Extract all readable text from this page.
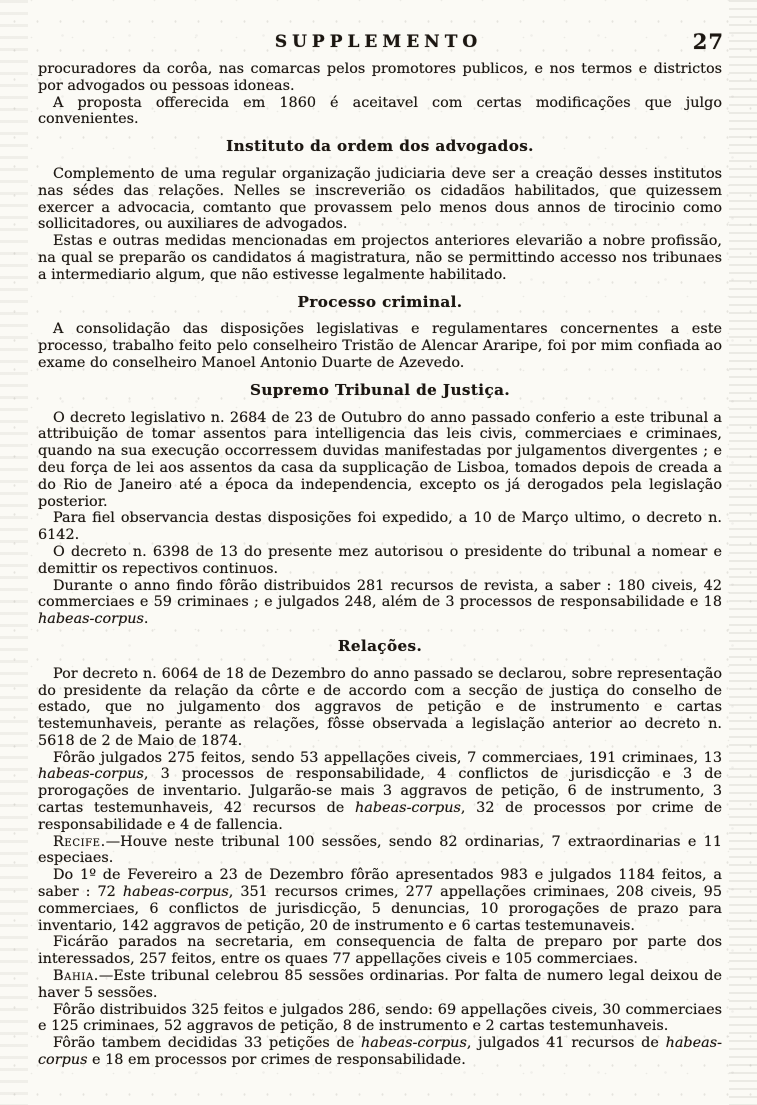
SUPPLEMENTO	27

procuradores da corôa, nas comarcas pelos promotores publicos, e nos termos e districtos por advogados ou pessoas idoneas.

A proposta offerecida em 1860 é aceitavel com certas modificações que julgo convenientes.

Instituto da ordem dos advogados.

Complemento de uma regular organização judiciaria deve ser a creação desses institutos nas sédes das relações. Nelles se inscreverião os cidadãos habilitados, que quizessem exercer a advocacia, comtanto que provassem pelo menos dous annos de tirocinio como sollicitadores, ou auxiliares de advogados.

Estas e outras medidas mencionadas em projectos anteriores elevarião a nobre profissão, na qual se preparão os candidatos á magistratura, não se permittindo accesso nos tribunaes a intermediario algum, que não estivesse legalmente habilitado.

Processo criminal.

A consolidação das disposições legislativas e regulamentares concernentes a este processo, trabalho feito pelo conselheiro Tristão de Alencar Araripe, foi por mim confiada ao exame do conselheiro Manoel Antonio Duarte de Azevedo.

Supremo Tribunal de Justiça.

O decreto legislativo n. 2684 de 23 de Outubro do anno passado conferio a este tribunal a attribuição de tomar assentos para intelligencia das leis civis, commerciaes e criminaes, quando na sua execução occorressem duvidas manifestadas por julgamentos divergentes ; e deu força de lei aos assentos da casa da supplicação de Lisboa, tomados depois de creada a do Rio de Janeiro até a época da independencia, excepto os já derogados pela legislação posterior.

Para fiel observancia destas disposições foi expedido, a 10 de Março ultimo, o decreto n. 6142.

O decreto n. 6398 de 13 do presente mez autorisou o presidente do tribunal a nomear e demittir os repectivos continuos.

Durante o anno findo fôrão distribuidos 281 recursos de revista, a saber : 180 civeis, 42 commerciaes e 59 criminaes ; e julgados 248, além de 3 processos de responsabilidade e 18 habeas-corpus.

Relações.

Por decreto n. 6064 de 18 de Dezembro do anno passado se declarou, sobre representação do presidente da relação da côrte e de accordo com a secção de justiça do conselho de estado, que no julgamento dos aggravos de petição e de instrumento e cartas testemunhaveis, perante as relações, fôsse observada a legislação anterior ao decreto n. 5618 de 2 de Maio de 1874.

Fôrão julgados 275 feitos, sendo 53 appellações civeis, 7 commerciaes, 191 criminaes, 13 habeas-corpus, 3 processos de responsabilidade, 4 conflictos de jurisdicção e 3 de prorogações de inventario. Julgarão-se mais 3 aggravos de petição, 6 de instrumento, 3 cartas testemunhaveis, 42 recursos de habeas-corpus, 32 de processos por crime de responsabilidade e 4 de fallencia.

Recife.—Houve neste tribunal 100 sessões, sendo 82 ordinarias, 7 extraordinarias e 11 especiaes.

Do 1º de Fevereiro a 23 de Dezembro fôrão apresentados 983 e julgados 1184 feitos, a saber : 72 habeas-corpus, 351 recursos crimes, 277 appellações criminaes, 208 civeis, 95 commerciaes, 6 conflictos de jurisdicção, 5 denuncias, 10 prorogações de prazo para inventario, 142 aggravos de petição, 20 de instrumento e 6 cartas testemunaveis.

Ficárão parados na secretaria, em consequencia de falta de preparo por parte dos interessados, 257 feitos, entre os quaes 77 appellações civeis e 105 commerciaes.

Bahia.—Este tribunal celebrou 85 sessões ordinarias. Por falta de numero legal deixou de haver 5 sessões.

Fôrão distribuidos 325 feitos e julgados 286, sendo: 69 appellações civeis, 30 commerciaes e 125 criminaes, 52 aggravos de petição, 8 de instrumento e 2 cartas testemunhaveis.

Fôrão tambem decididas 33 petições de habeas-corpus, julgados 41 recursos de habeas-corpus e 18 em processos por crimes de responsabilidade.
